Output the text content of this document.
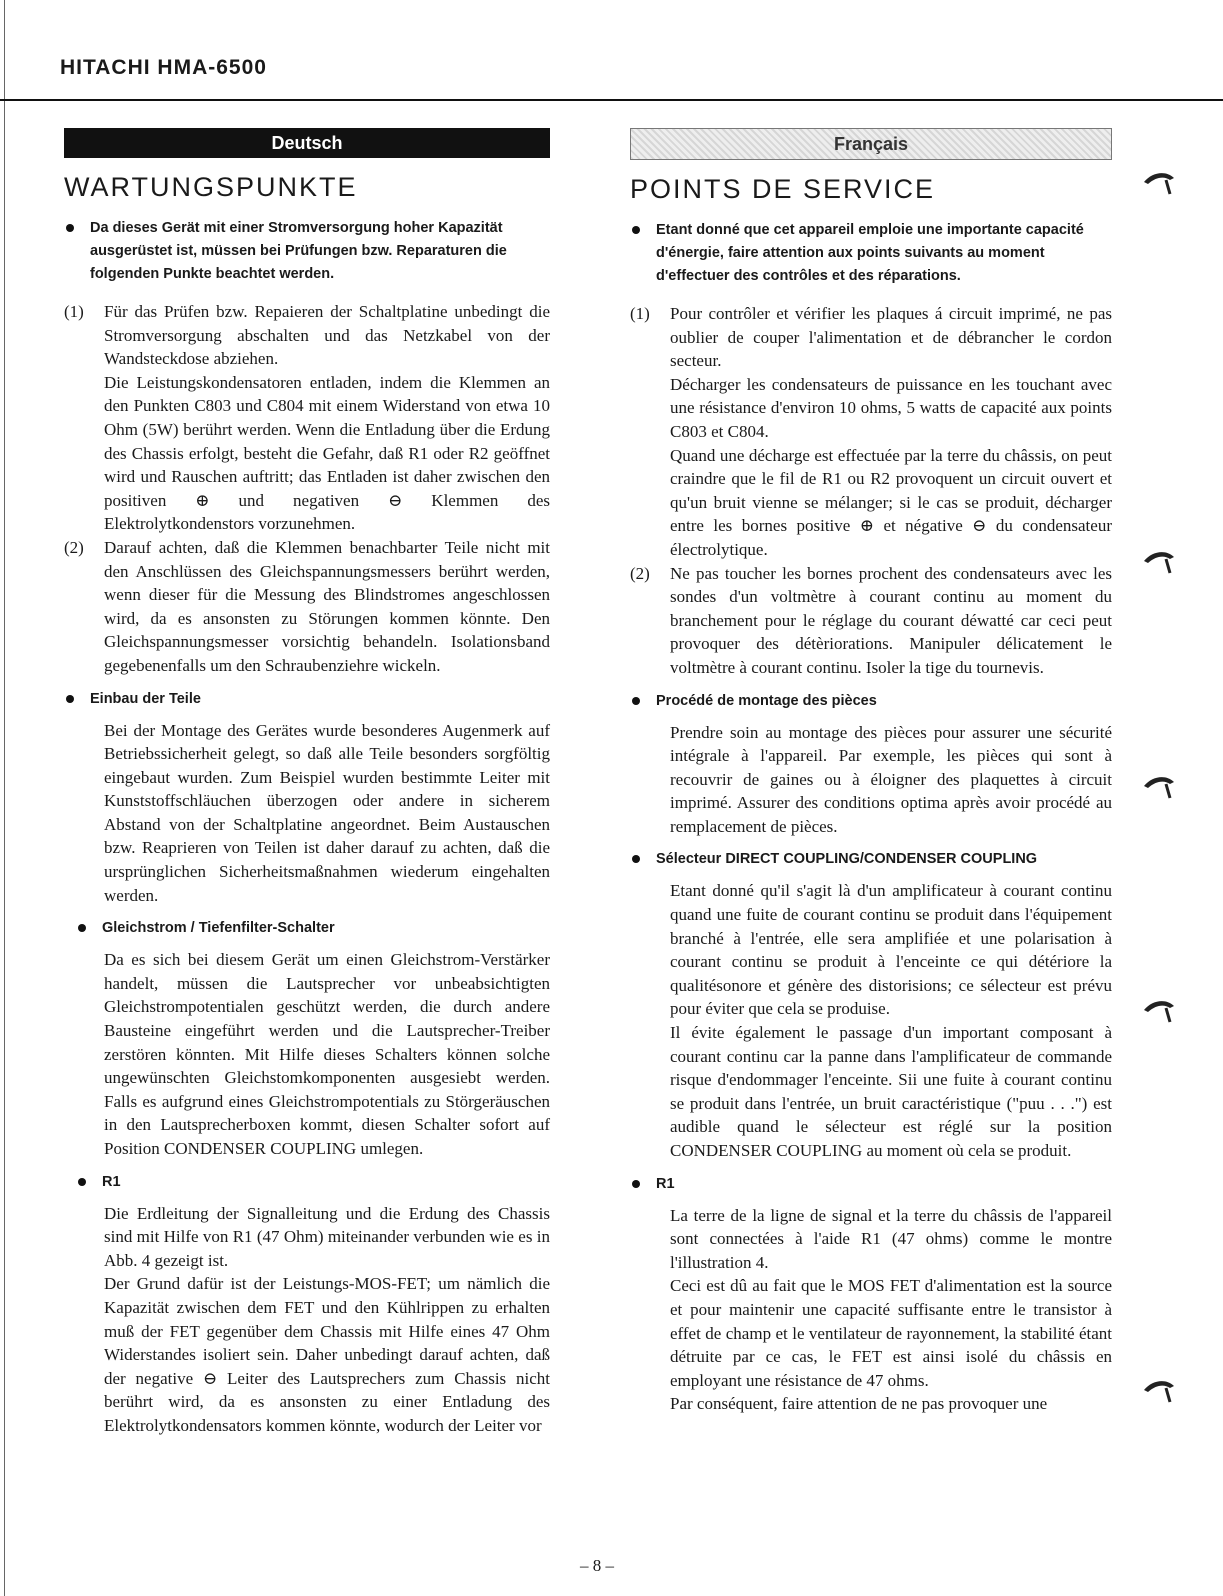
HITACHI HMA-6500
Deutsch
WARTUNGSPUNKTE
Da dieses Gerät mit einer Stromversorgung hoher Kapazität ausgerüstet ist, müssen bei Prüfungen bzw. Reparaturen die folgenden Punkte beachtet werden.
(1) Für das Prüfen bzw. Repaieren der Schaltplatine unbedingt die Stromversorgung abschalten und das Netzkabel von der Wandsteckdose abziehen.

Die Leistungskondensatoren entladen, indem die Klemmen an den Punkten C803 und C804 mit einem Widerstand von etwa 10 Ohm (5W) berührt werden. Wenn die Entladung über die Erdung des Chassis erfolgt, besteht die Gefahr, daß R1 oder R2 geöffnet wird und Rauschen auftritt; das Entladen ist daher zwischen den positiven ⊕ und negativen ⊖ Klemmen des Elektrolytkondenstors vorzunehmen.

(2) Darauf achten, daß die Klemmen benachbarter Teile nicht mit den Anschlüssen des Gleichspannungsmessers berührt werden, wenn dieser für die Messung des Blindstromes angeschlossen wird, da es ansonsten zu Störungen kommen könnte. Den Gleichspannungsmesser vorsichtig behandeln. Isolationsband gegebenenfalls um den Schraubenziehre wickeln.

Einbau der Teile

Bei der Montage des Gerätes wurde besonderes Augenmerk auf Betriebssicherheit gelegt, so daß alle Teile besonders sorgföltig eingebaut wurden. Zum Beispiel wurden bestimmte Leiter mit Kunststoffschläuchen überzogen oder andere in sicherem Abstand von der Schaltplatine angeordnet. Beim Austauschen bzw. Reaprieren von Teilen ist daher darauf zu achten, daß die ursprünglichen Sicherheitsmaßnahmen wiederum eingehalten werden.

Gleichstrom / Tiefenfilter-Schalter

Da es sich bei diesem Gerät um einen Gleichstrom-Verstärker handelt, müssen die Lautsprecher vor unbeabsichtigten Gleichstrompotentialen geschützt werden, die durch andere Bausteine eingeführt werden und die Lautsprecher-Treiber zerstören könnten. Mit Hilfe dieses Schalters können solche ungewünschten Gleichstomkomponenten ausgesiebt werden. Falls es aufgrund eines Gleichstrompotentials zu Störgeräuschen in den Lautsprecherboxen kommt, diesen Schalter sofort auf Position CONDENSER COUPLING umlegen.

R1

Die Erdleitung der Signalleitung und die Erdung des Chassis sind mit Hilfe von R1 (47 Ohm) miteinander verbunden wie es in Abb. 4 gezeigt ist.

Der Grund dafür ist der Leistungs-MOS-FET; um nämlich die Kapazität zwischen dem FET und den Kühlrippen zu erhalten muß der FET gegenüber dem Chassis mit Hilfe eines 47 Ohm Widerstandes isoliert sein. Daher unbedingt darauf achten, daß der negative ⊖ Leiter des Lautsprechers zum Chassis nicht berührt wird, da es ansonsten zu einer Entladung des Elektrolytkondensators kommen könnte, wodurch der Leiter vor

Français
POINTS DE SERVICE
Etant donné que cet appareil emploie une importante capacité d'énergie, faire attention aux points suivants au moment d'effectuer des contrôles et des réparations.
(1) Pour contrôler et vérifier les plaques á circuit imprimé, ne pas oublier de couper l'alimentation et de débrancher le cordon secteur.

Décharger les condensateurs de puissance en les touchant avec une résistance d'environ 10 ohms, 5 watts de capacité aux points C803 et C804.

Quand une décharge est effectuée par la terre du châssis, on peut craindre que le fil de R1 ou R2 provoquent un circuit ouvert et qu'un bruit vienne se mélanger; si le cas se produit, décharger entre les bornes positive ⊕ et négative ⊖ du condensateur électrolytique.

(2) Ne pas toucher les bornes prochent des condensateurs avec les sondes d'un voltmètre à courant continu au moment du branchement pour le réglage du courant déwatté car ceci peut provoquer des détèriorations. Manipuler délicatement le voltmètre à courant continu. Isoler la tige du tournevis.

Procédé de montage des pièces

Prendre soin au montage des pièces pour assurer une sécurité intégrale à l'appareil. Par exemple, les pièces qui sont à recouvrir de gaines ou à éloigner des plaquettes à circuit imprimé. Assurer des conditions optima après avoir procédé au remplacement de pièces.

Sélecteur DIRECT COUPLING/CONDENSER COUPLING

Etant donné qu'il s'agit là d'un amplificateur à courant continu quand une fuite de courant continu se produit dans l'équipement branché à l'entrée, elle sera amplifiée et une polarisation à courant continu se produit à l'enceinte ce qui détériore la qualitésonore et génère des distorisions; ce sélecteur est prévu pour éviter que cela se produise.

Il évite également le passage d'un important composant à courant continu car la panne dans l'amplificateur de commande risque d'endommager l'enceinte. Sii une fuite à courant continu se produit dans l'entrée, un bruit caractéristique ("puu . . .") est audible quand le sélecteur est réglé sur la position CONDENSER COUPLING au moment où cela se produit.

R1

La terre de la ligne de signal et la terre du châssis de l'appareil sont connectées à l'aide R1 (47 ohms) comme le montre l'illustration 4.

Ceci est dû au fait que le MOS FET d'alimentation est la source et pour maintenir une capacité suffisante entre le transistor à effet de champ et le ventilateur de rayonnement, la stabilité étant détruite par ce cas, le FET est ainsi isolé du châssis en employant une résistance de 47 ohms.

Par conséquent, faire attention de ne pas provoquer une

– 8 –
